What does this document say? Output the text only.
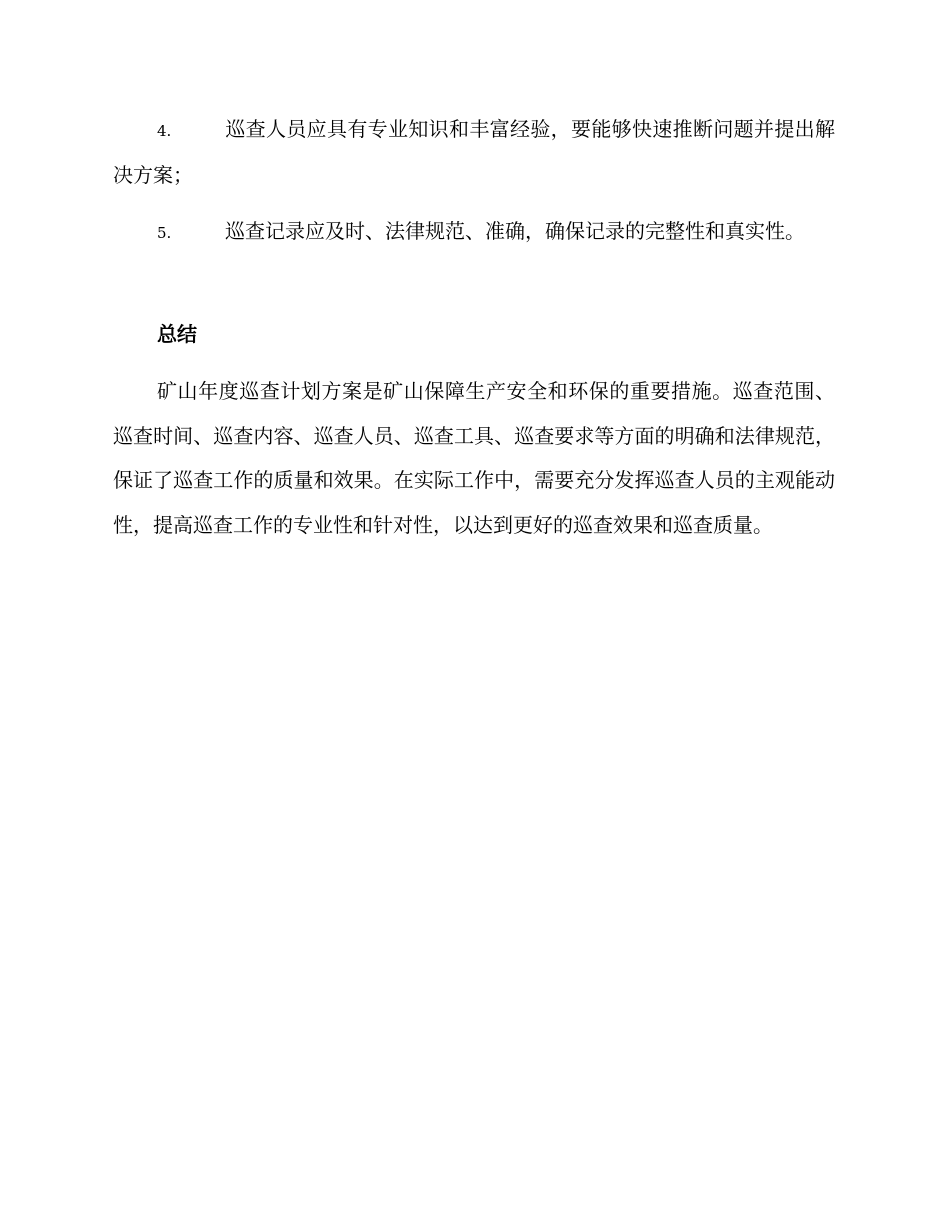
4.	巡查人员应具有专业知识和丰富经验，要能够快速推断问题并提出解决方案；
5.	巡查记录应及时、法律规范、准确，确保记录的完整性和真实性。
总结
矿山年度巡查计划方案是矿山保障生产安全和环保的重要措施。巡查范围、巡查时间、巡查内容、巡查人员、巡查工具、巡查要求等方面的明确和法律规范，保证了巡查工作的质量和效果。在实际工作中，需要充分发挥巡查人员的主观能动性，提高巡查工作的专业性和针对性，以达到更好的巡查效果和巡查质量。
